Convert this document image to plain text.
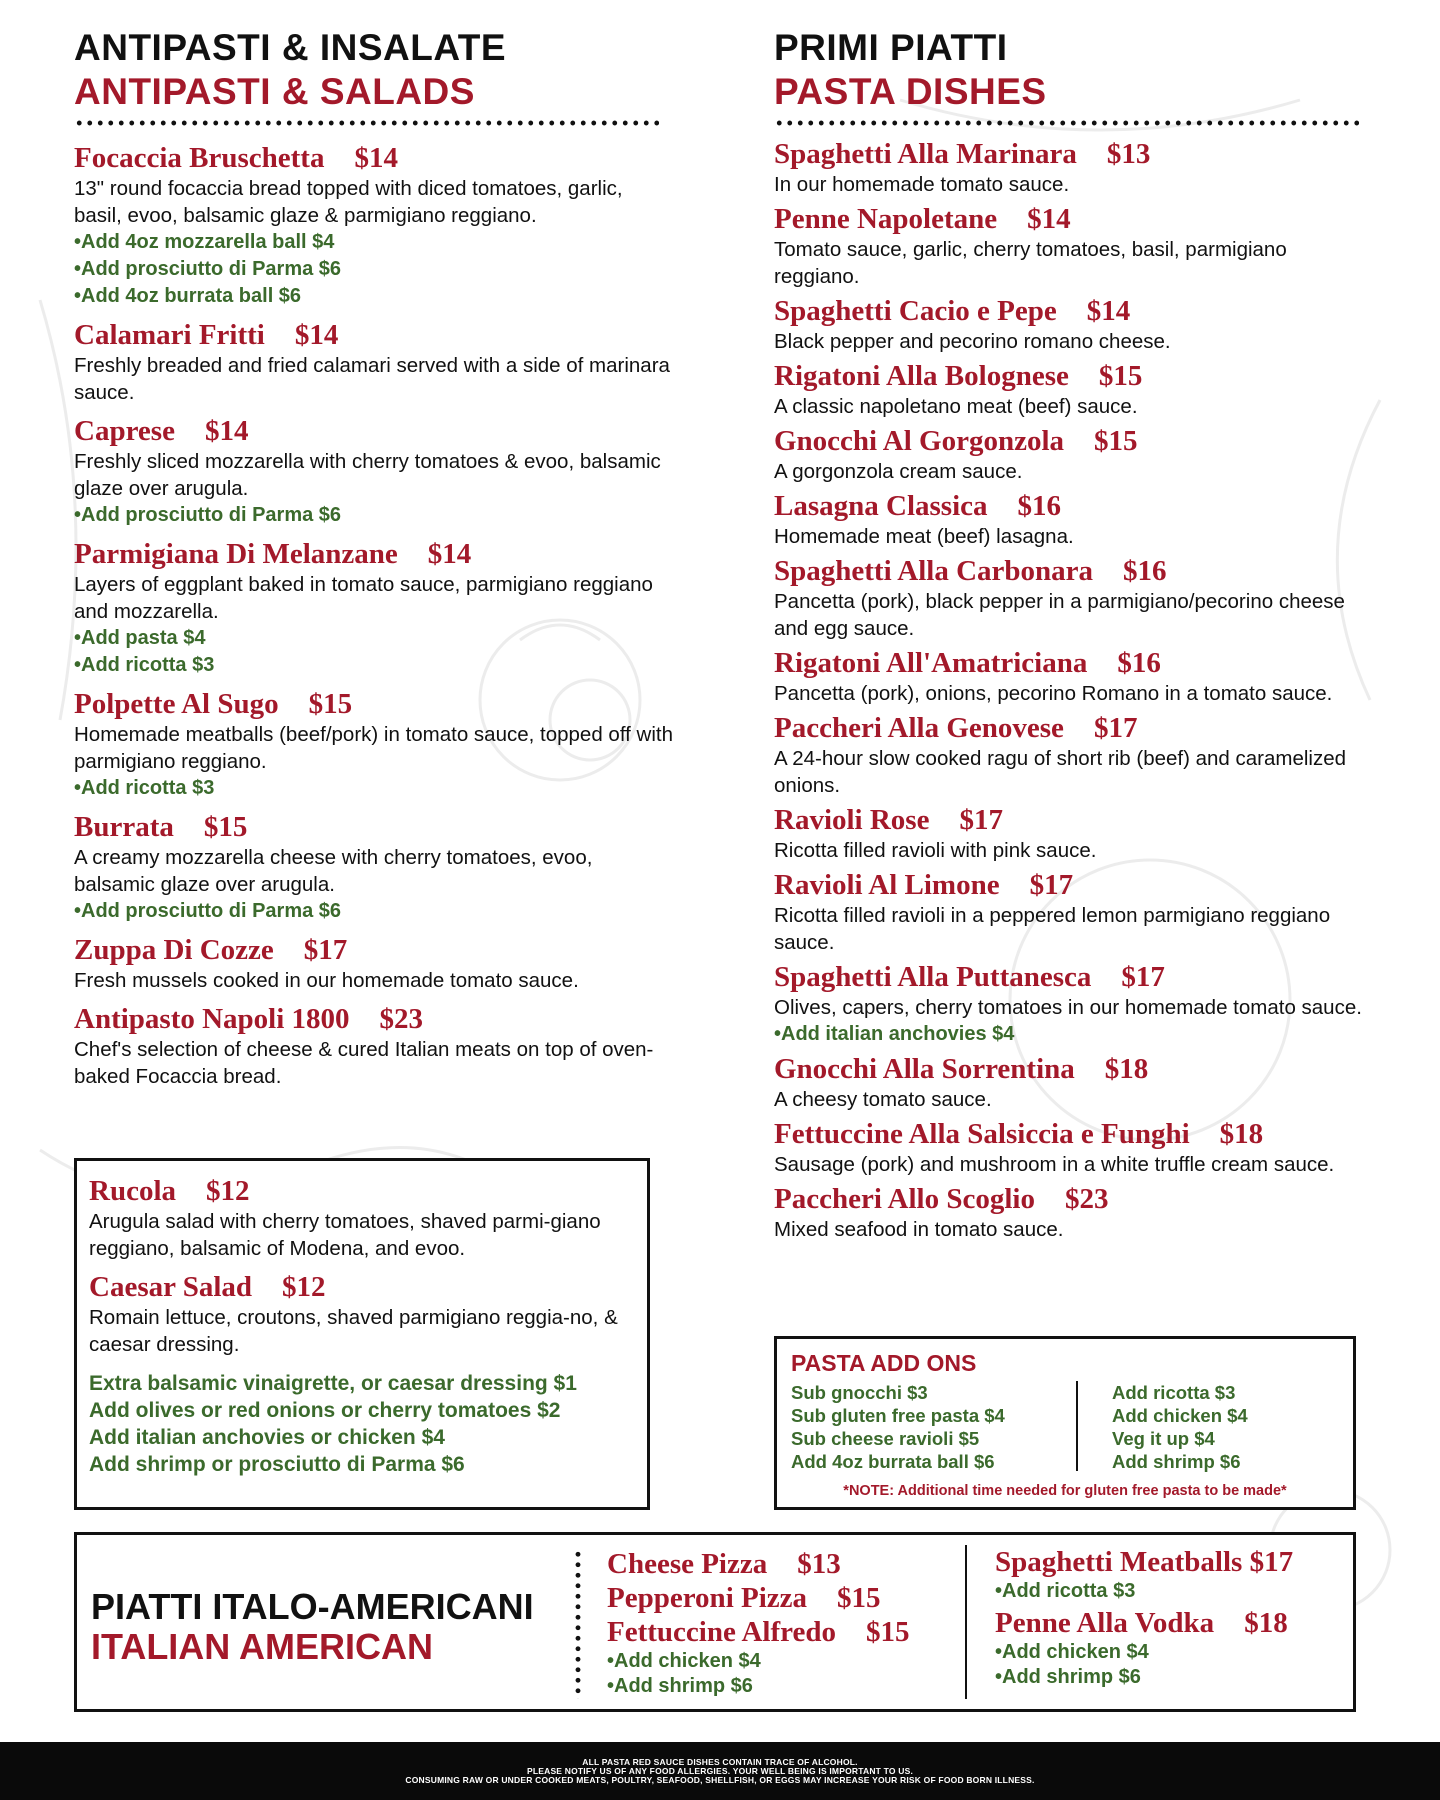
ANTIPASTI & INSALATE
ANTIPASTI & SALADS
Focaccia Bruschetta $14
13" round focaccia bread topped with diced tomatoes, garlic, basil, evoo, balsamic glaze & parmigiano reggiano.
•Add 4oz mozzarella ball $4
•Add prosciutto di Parma $6
•Add 4oz burrata ball $6
Calamari Fritti $14
Freshly breaded and fried calamari served with a side of marinara sauce.
Caprese $14
Freshly sliced mozzarella with cherry tomatoes & evoo, balsamic glaze over arugula.
•Add prosciutto di Parma $6
Parmigiana Di Melanzane $14
Layers of eggplant baked in tomato sauce, parmigiano reggiano and mozzarella.
•Add pasta $4
•Add ricotta $3
Polpette Al Sugo $15
Homemade meatballs (beef/pork) in tomato sauce, topped off with parmigiano reggiano.
•Add ricotta $3
Burrata $15
A creamy mozzarella cheese with cherry tomatoes, evoo, balsamic glaze over arugula.
•Add prosciutto di Parma $6
Zuppa Di Cozze $17
Fresh mussels cooked in our homemade tomato sauce.
Antipasto Napoli 1800 $23
Chef's selection of cheese & cured Italian meats on top of oven-baked Focaccia bread.
Rucola $12
Arugula salad with cherry tomatoes, shaved parmi-giano reggiano, balsamic of Modena, and evoo.
Caesar Salad $12
Romain lettuce, croutons, shaved parmigiano reggia-no, & caesar dressing.
Extra balsamic vinaigrette, or caesar dressing $1
Add olives or red onions or cherry tomatoes $2
Add italian anchovies or chicken $4
Add shrimp or prosciutto di Parma $6
PRIMI PIATTI
PASTA DISHES
Spaghetti Alla Marinara $13
In our homemade tomato sauce.
Penne Napoletane $14
Tomato sauce, garlic, cherry tomatoes, basil, parmigiano reggiano.
Spaghetti Cacio e Pepe $14
Black pepper and pecorino romano cheese.
Rigatoni Alla Bolognese $15
A classic napoletano meat (beef) sauce.
Gnocchi Al Gorgonzola $15
A gorgonzola cream sauce.
Lasagna Classica $16
Homemade meat (beef) lasagna.
Spaghetti Alla Carbonara $16
Pancetta (pork), black pepper in a parmigiano/pecorino cheese and egg sauce.
Rigatoni All'Amatriciana $16
Pancetta (pork), onions, pecorino Romano in a tomato sauce.
Paccheri Alla Genovese $17
A 24-hour slow cooked ragu of short rib (beef) and caramelized onions.
Ravioli Rose $17
Ricotta filled ravioli with pink sauce.
Ravioli Al Limone $17
Ricotta filled ravioli in a peppered lemon parmigiano reggiano sauce.
Spaghetti Alla Puttanesca $17
Olives, capers, cherry tomatoes in our homemade tomato sauce.
•Add italian anchovies $4
Gnocchi Alla Sorrentina $18
A cheesy tomato sauce.
Fettuccine Alla Salsiccia e Funghi $18
Sausage (pork) and mushroom in a white truffle cream sauce.
Paccheri Allo Scoglio $23
Mixed seafood in tomato sauce.
PASTA ADD ONS
Sub gnocchi $3
Sub gluten free pasta $4
Sub cheese ravioli $5
Add 4oz burrata ball $6
Add ricotta $3
Add chicken $4
Veg it up $4
Add shrimp $6
*NOTE: Additional time needed for gluten free pasta to be made*
PIATTI ITALO-AMERICANI
ITALIAN AMERICAN
Cheese Pizza $13
Pepperoni Pizza $15
Fettuccine Alfredo $15
•Add chicken $4
•Add shrimp $6
Spaghetti Meatballs $17
•Add ricotta $3
Penne Alla Vodka $18
•Add chicken $4
•Add shrimp $6
ALL PASTA RED SAUCE DISHES CONTAIN TRACE OF ALCOHOL.
PLEASE NOTIFY US OF ANY FOOD ALLERGIES. YOUR WELL BEING IS IMPORTANT TO US.
CONSUMING RAW OR UNDER COOKED MEATS, POULTRY, SEAFOOD, SHELLFISH, OR EGGS MAY INCREASE YOUR RISK OF FOOD BORN ILLNESS.
